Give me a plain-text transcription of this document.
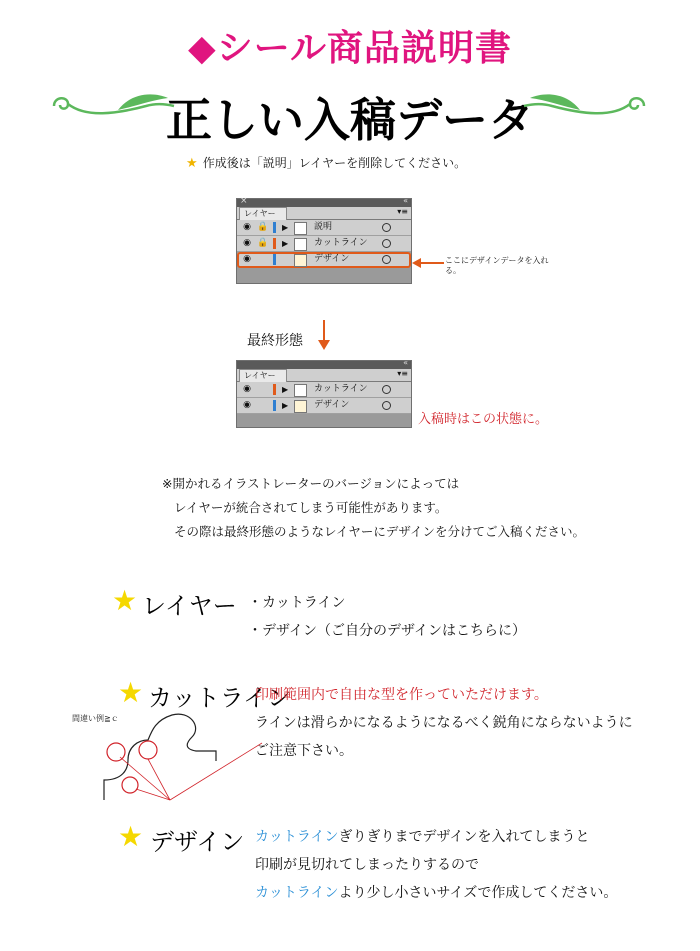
◆シール商品説明書
正しい入稿データ
★ 作成後は「説明」レイヤーを削除してください。
×	«
レイヤー	▾≡
◉ 🔒 ▶	説明
◉ 🔒 ▶	カットライン
◉	デザイン	ここにデザインデータを入れる。
最終形態
«
レイヤー	▾≡
◉	▶	カットライン
◉	▶	デザイン
入稿時はこの状態に。
※開かれるイラストレーターのバージョンによっては
レイヤーが統合されてしまう可能性があります。
その際は最終形態のようなレイヤーにデザインを分けてご入稿ください。
★ レイヤー ・カットライン
・デザイン（ご自分のデザインはこちらに）
★ カットライン
印刷範囲内で自由な型を作っていただけます。
ラインは滑らかになるようになるべく鋭角にならないように
ご注意下さい。
間違い例≧ｃ
★ デザイン カットラインぎりぎりまでデザインを入れてしまうと
印刷が見切れてしまったりするので
カットラインより少し小さいサイズで作成してください。
